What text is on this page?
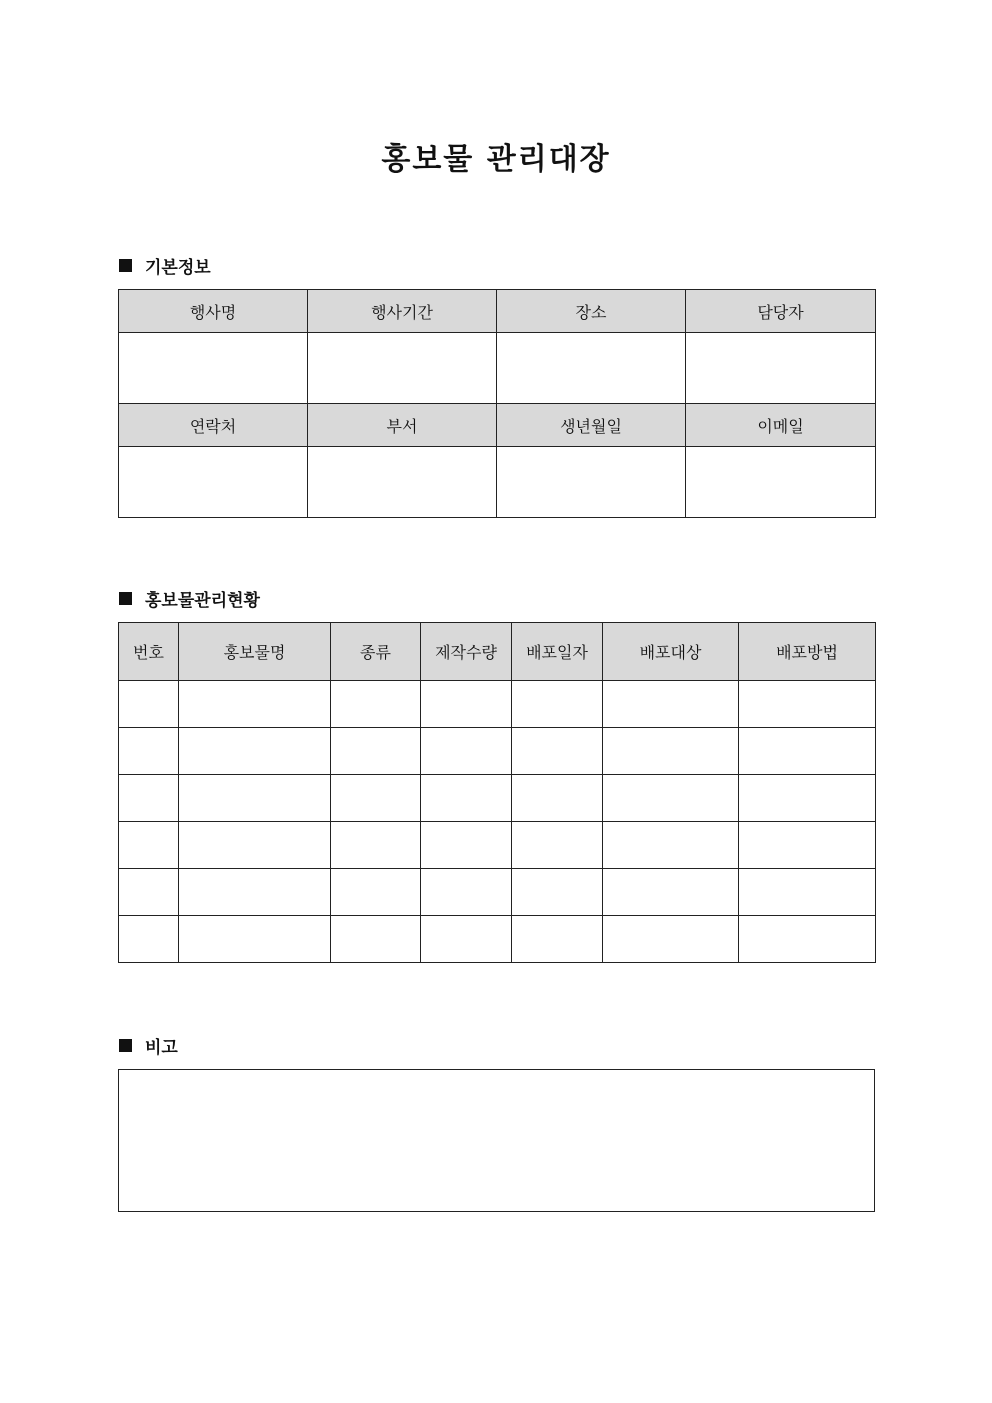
홍보물 관리대장
기본정보
행사명	행사기간	장소	담당자

연락처	부서	생년월일	이메일

홍보물관리현황
번호	홍보물명	종류	제작수량	배포일자	배포대상	배포방법

비고
